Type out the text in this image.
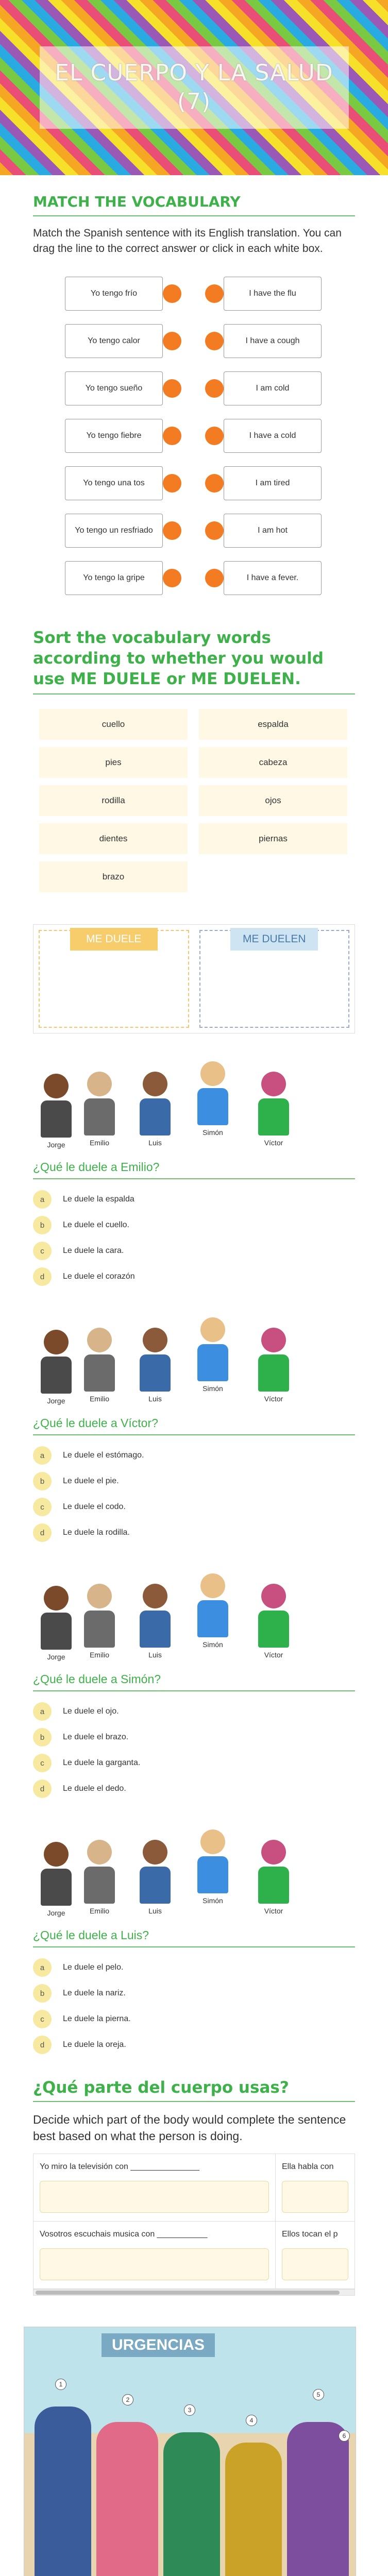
EL CUERPO Y LA SALUD (7)
MATCH THE VOCABULARY
Match the Spanish sentence with its English translation. You can drag the line to the correct answer or click in each white box.
Yo tengo frío	I have the flu
Yo tengo calor	I have a cough
Yo tengo sueño	I am cold
Yo tengo fiebre	I have a cold
Yo tengo una tos	I am tired
Yo tengo un resfriado	I am hot
Yo tengo la gripe	I have a fever.
Sort the vocabulary words according to whether you would use ME DUELE or ME DUELEN.
cuello	espalda
pies	cabeza
rodilla	ojos
dientes	piernas
brazo
ME DUELE	ME DUELEN
Jorge	Emilio	Luis
Simón
Víctor
¿Qué le duele a Emilio?
a	Le duele la espalda
b	Le duele el cuello.
c	Le duele la cara.
d	Le duele el corazón
Jorge	Emilio	Luis
Simón
Víctor
¿Qué le duele a Víctor?
a	Le duele el estómago.
b	Le duele el pie.
c	Le duele el codo.
d	Le duele la rodilla.
Jorge	Emilio	Luis
Simón
Víctor
¿Qué le duele a Simón?
a	Le duele el ojo.
b	Le duele el brazo.
c	Le duele la garganta.
d	Le duele el dedo.
Jorge	Emilio	Luis
Simón
Víctor
¿Qué le duele a Luis?
a	Le duele el pelo.
b	Le duele la nariz.
c	Le duele la pierna.
d	Le duele la oreja.
¿Qué parte del cuerpo usas?
Decide which part of the body would complete the sentence best based on what the person is doing.
Yo miro la televisión con _______________	Ella habla con
Vosotros escuchais musica con ___________	Ellos tocan el p
URGENCIAS
1
2
3
4
5
6
